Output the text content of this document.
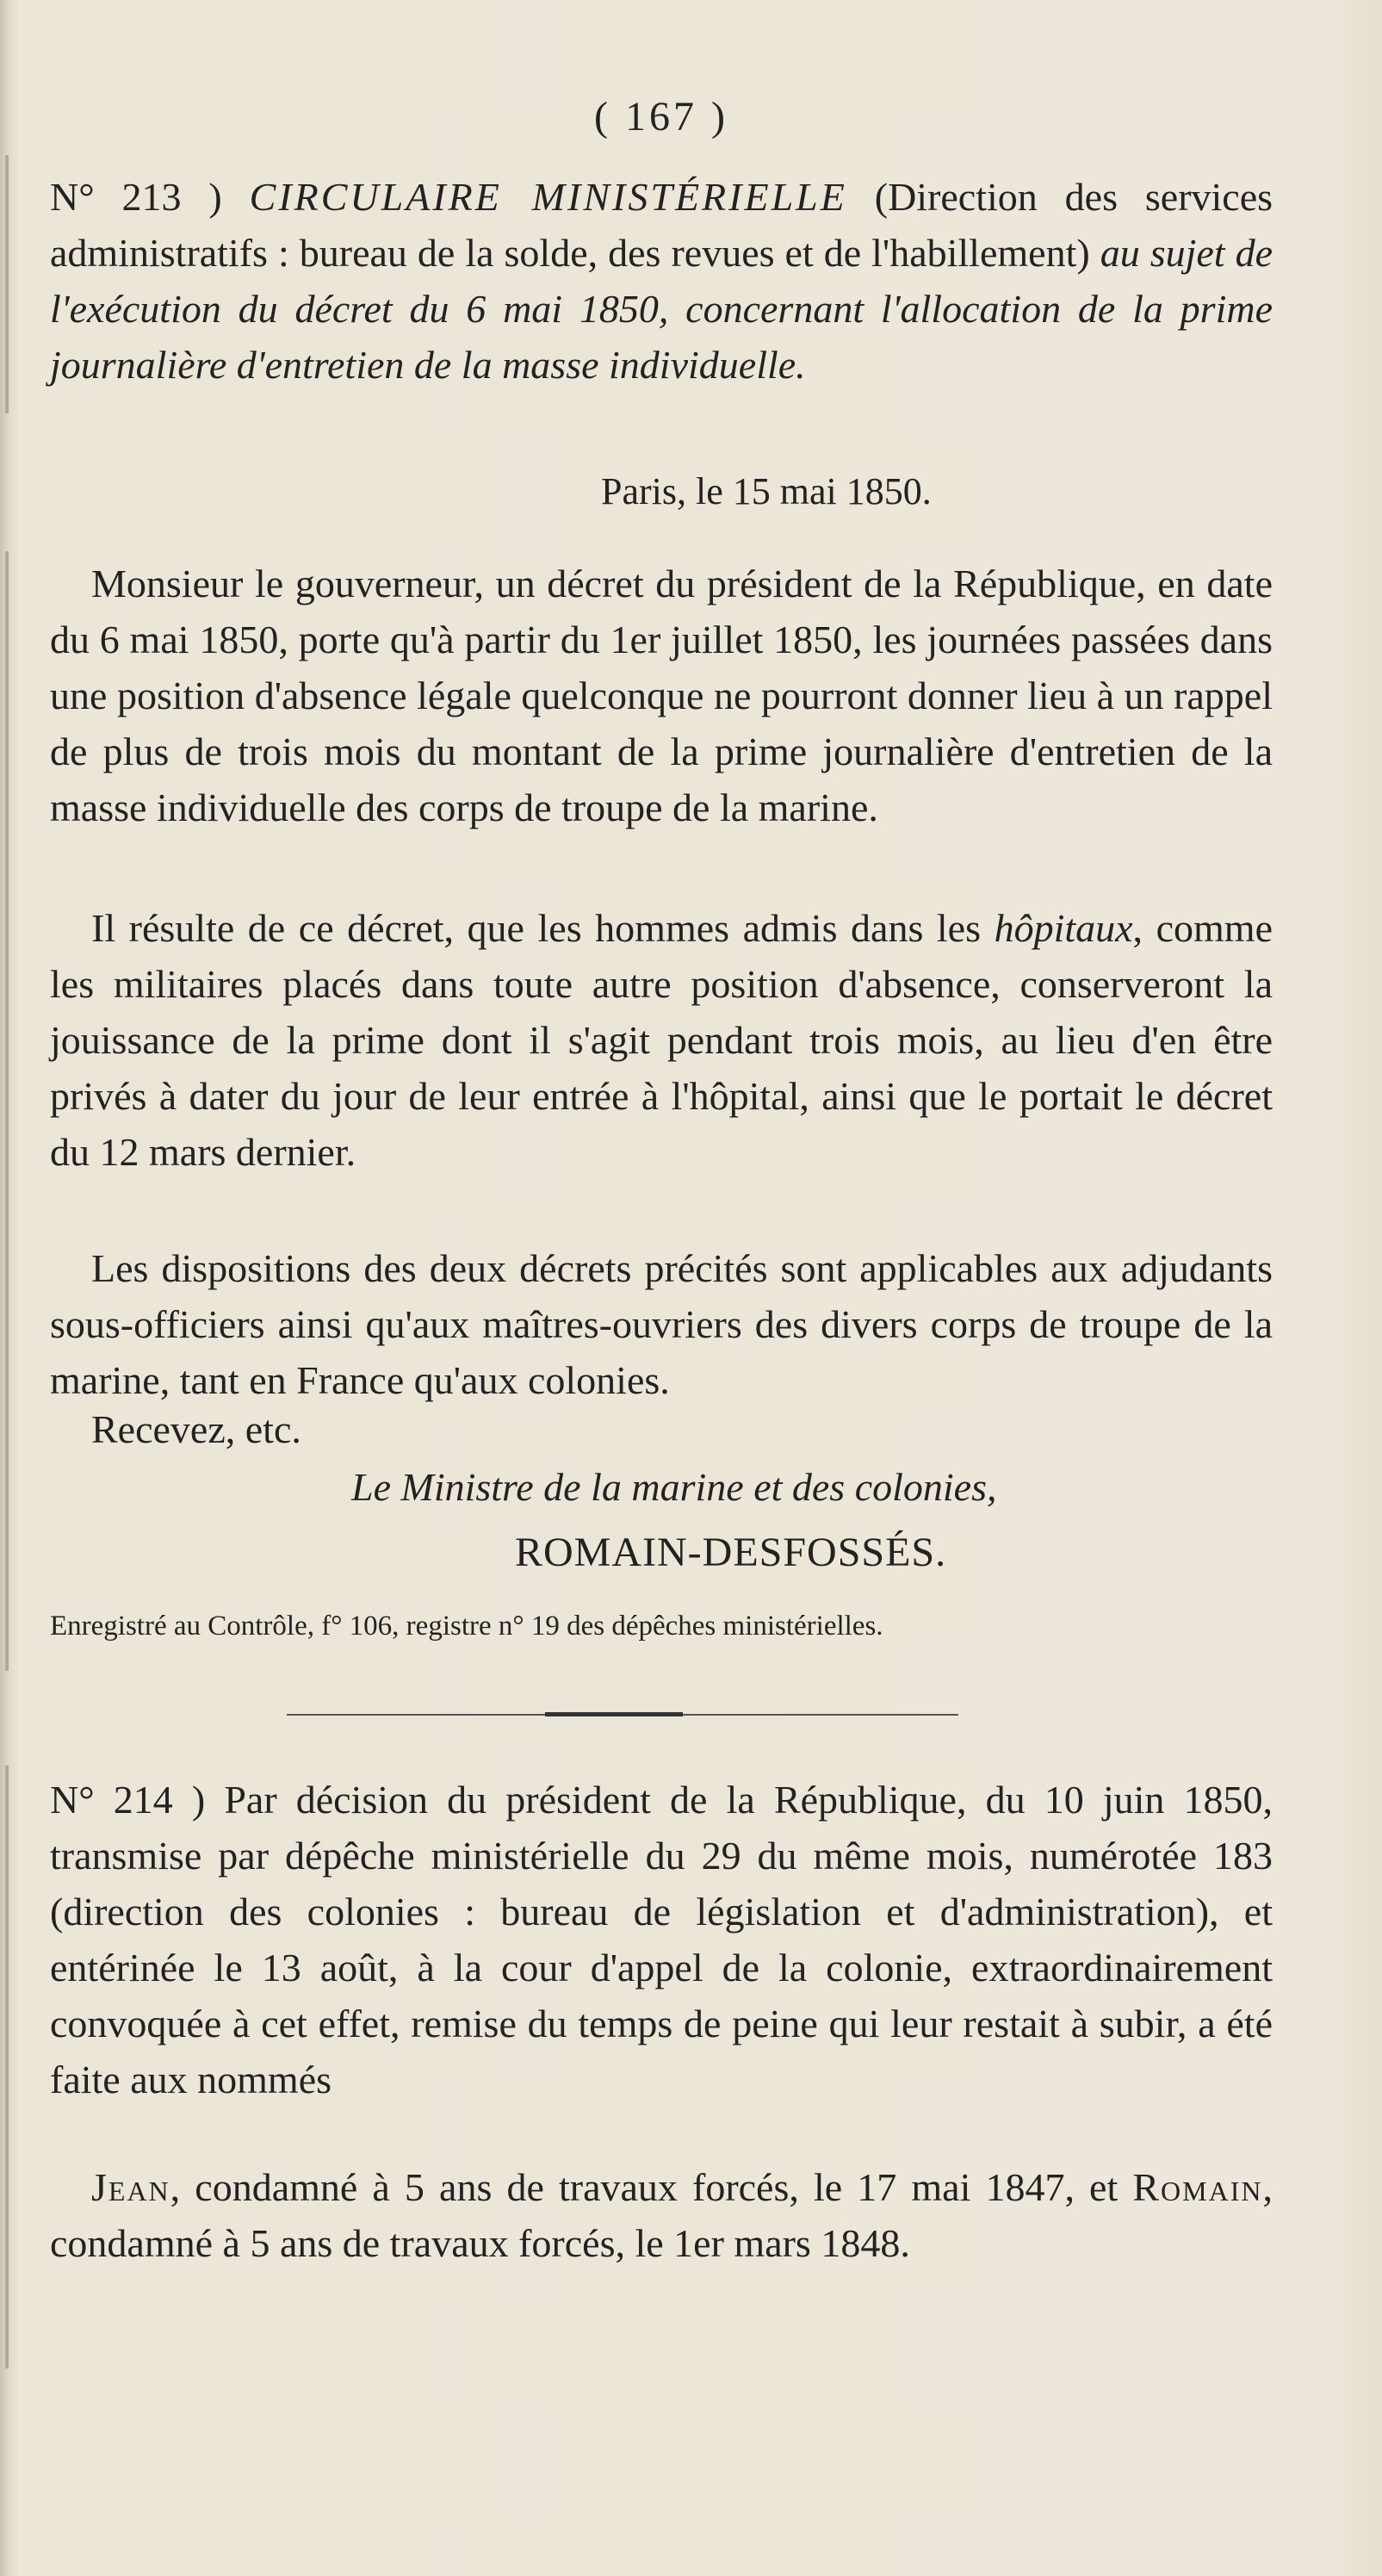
( 167 )
N° 213 ) CIRCULAIRE MINISTÉRIELLE (Direction des services administratifs : bureau de la solde, des revues et de l'habillement) au sujet de l'exécution du décret du 6 mai 1850, concernant l'allocation de la prime journalière d'entretien de la masse individuelle.
Paris, le 15 mai 1850.
Monsieur le gouverneur, un décret du président de la République, en date du 6 mai 1850, porte qu'à partir du 1er juillet 1850, les journées passées dans une position d'absence légale quelconque ne pourront donner lieu à un rappel de plus de trois mois du montant de la prime journalière d'entretien de la masse individuelle des corps de troupe de la marine.
Il résulte de ce décret, que les hommes admis dans les hôpitaux, comme les militaires placés dans toute autre position d'absence, conserveront la jouissance de la prime dont il s'agit pendant trois mois, au lieu d'en être privés à dater du jour de leur entrée à l'hôpital, ainsi que le portait le décret du 12 mars dernier.
Les dispositions des deux décrets précités sont applicables aux adjudants sous-officiers ainsi qu'aux maîtres-ouvriers des divers corps de troupe de la marine, tant en France qu'aux colonies.
Recevez, etc.
Le Ministre de la marine et des colonies,
ROMAIN-DESFOSSÉS.
Enregistré au Contrôle, f° 106, registre n° 19 des dépêches ministérielles.
N° 214 ) Par décision du président de la République, du 10 juin 1850, transmise par dépêche ministérielle du 29 du même mois, numérotée 183 (direction des colonies : bureau de législation et d'administration), et entérinée le 13 août, à la cour d'appel de la colonie, extraordinairement convoquée à cet effet, remise du temps de peine qui leur restait à subir, a été faite aux nommés
Jean, condamné à 5 ans de travaux forcés, le 17 mai 1847, et Romain, condamné à 5 ans de travaux forcés, le 1er mars 1848.
